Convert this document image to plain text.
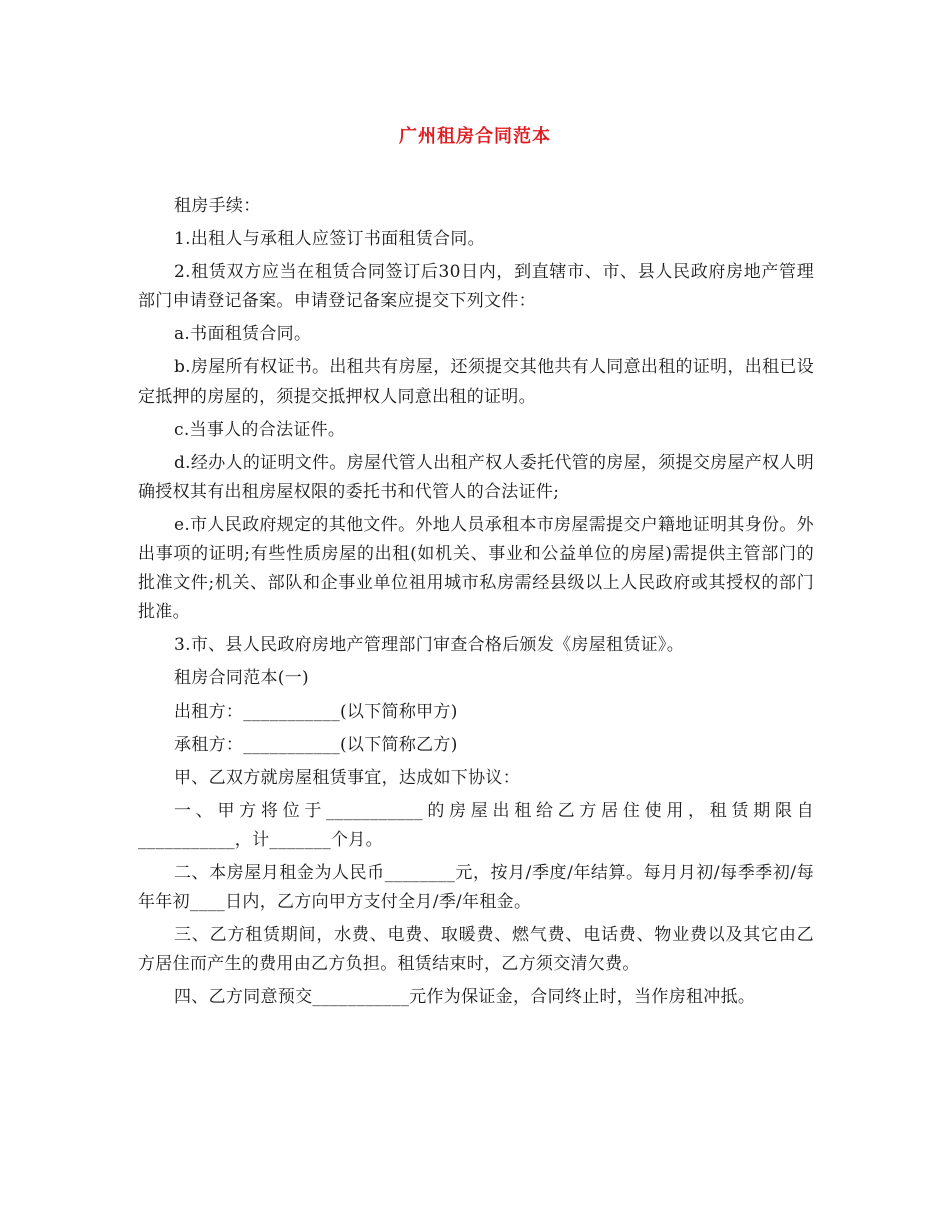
广州租房合同范本

租房手续：

1.出租人与承租人应签订书面租赁合同。

2.租赁双方应当在租赁合同签订后30日内，到直辖市、市、县人民政府房地产管理部门申请登记备案。申请登记备案应提交下列文件：

a.书面租赁合同。

b.房屋所有权证书。出租共有房屋，还须提交其他共有人同意出租的证明，出租已设定抵押的房屋的，须提交抵押权人同意出租的证明。

c.当事人的合法证件。

d.经办人的证明文件。房屋代管人出租产权人委托代管的房屋，须提交房屋产权人明确授权其有出租房屋权限的委托书和代管人的合法证件;

e.市人民政府规定的其他文件。外地人员承租本市房屋需提交户籍地证明其身份。外出事项的证明;有些性质房屋的出租(如机关、事业和公益单位的房屋)需提供主管部门的批准文件;机关、部队和企事业单位祖用城市私房需经县级以上人民政府或其授权的部门批准。

3.市、县人民政府房地产管理部门审查合格后颁发《房屋租赁证》。

租房合同范本(一)

出租方：___________(以下简称甲方)

承租方：___________(以下简称乙方)

甲、乙双方就房屋租赁事宜，达成如下协议：

一、甲方将位于___________的房屋出租给乙方居住使用，租赁期限自___________，计_______个月。

二、本房屋月租金为人民币________元，按月/季度/年结算。每月月初/每季季初/每年年初____日内，乙方向甲方支付全月/季/年租金。

三、乙方租赁期间，水费、电费、取暖费、燃气费、电话费、物业费以及其它由乙方居住而产生的费用由乙方负担。租赁结束时，乙方须交清欠费。

四、乙方同意预交___________元作为保证金，合同终止时，当作房租冲抵。
